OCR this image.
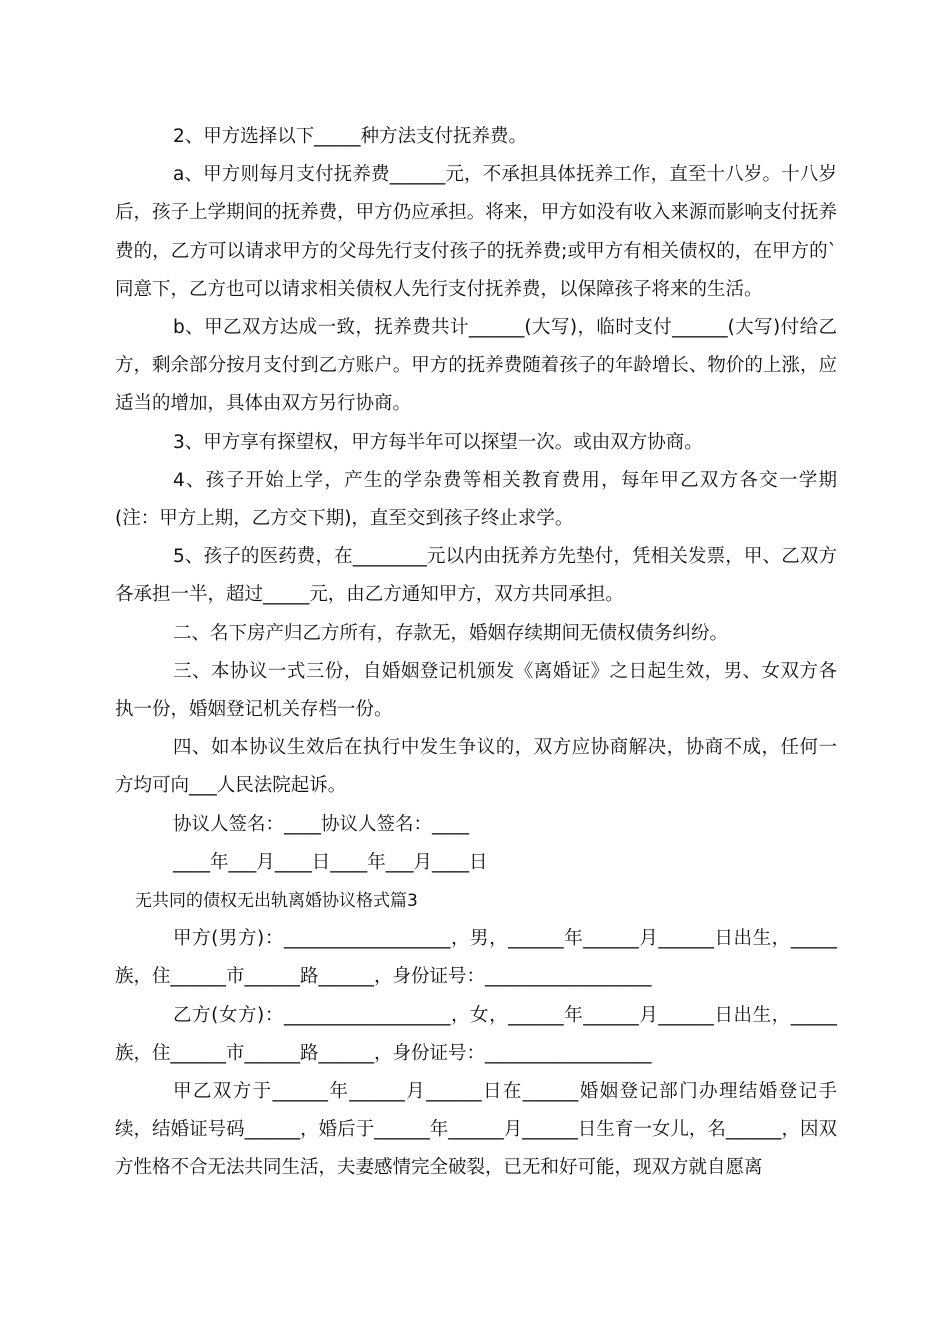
2、甲方选择以下_____种方法支付抚养费。

a、甲方则每月支付抚养费______元，不承担具体抚养工作，直至十八岁。十八岁后，孩子上学期间的抚养费，甲方仍应承担。将来，甲方如没有收入来源而影响支付抚养费的，乙方可以请求甲方的父母先行支付孩子的抚养费;或甲方有相关债权的，在甲方的`同意下，乙方也可以请求相关债权人先行支付抚养费，以保障孩子将来的生活。

b、甲乙双方达成一致，抚养费共计______(大写)，临时支付______(大写)付给乙方，剩余部分按月支付到乙方账户。甲方的抚养费随着孩子的年龄增长、物价的上涨，应适当的增加，具体由双方另行协商。

3、甲方享有探望权，甲方每半年可以探望一次。或由双方协商。

4、孩子开始上学，产生的学杂费等相关教育费用，每年甲乙双方各交一学期(注：甲方上期，乙方交下期)，直至交到孩子终止求学。

5、孩子的医药费，在________元以内由抚养方先垫付，凭相关发票，甲、乙双方各承担一半，超过_____元，由乙方通知甲方，双方共同承担。

二、名下房产归乙方所有，存款无，婚姻存续期间无债权债务纠纷。

三、本协议一式三份，自婚姻登记机颁发《离婚证》之日起生效，男、女双方各执一份，婚姻登记机关存档一份。

四、如本协议生效后在执行中发生争议的，双方应协商解决，协商不成，任何一方均可向___人民法院起诉。

协议人签名：____协议人签名：____

____年___月____日____年___月____日

无共同的债权无出轨离婚协议格式篇3

甲方(男方)：__________________，男，______年______月______日出生，_____族，住______市______路______，身份证号：__________________

乙方(女方)：__________________，女，______年______月______日出生，_____族，住______市______路______，身份证号：__________________

甲乙双方于______年______月______日在______婚姻登记部门办理结婚登记手续，结婚证号码______，婚后于______年______月______日生育一女儿，名______，因双方性格不合无法共同生活，夫妻感情完全破裂，已无和好可能，现双方就自愿离
